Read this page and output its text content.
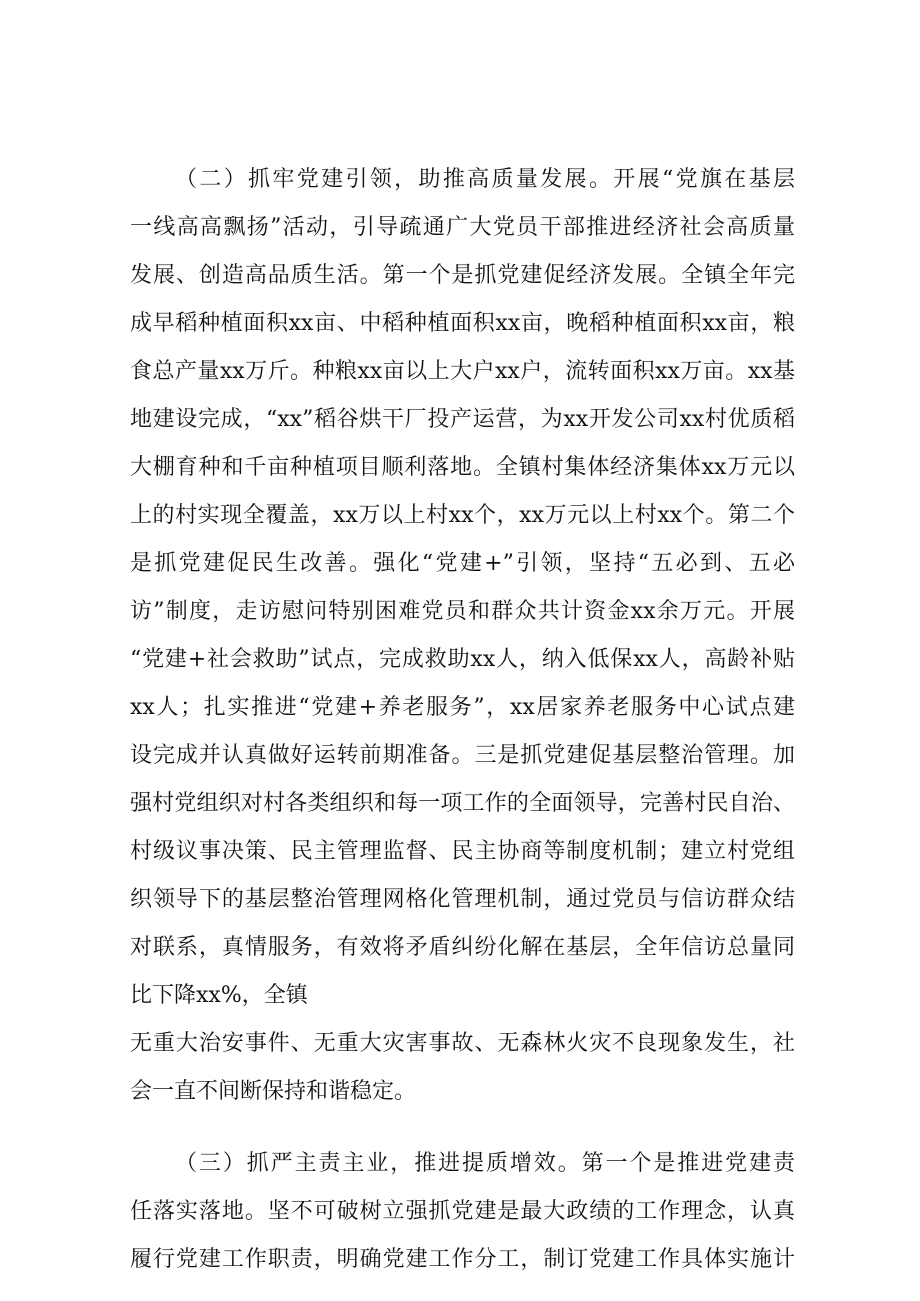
（二）抓牢党建引领，助推高质量发展。开展“党旗在基层
一线高高飘扬”活动，引导疏通广大党员干部推进经济社会高质量
发展、创造高品质生活。第一个是抓党建促经济发展。全镇全年完
成早稻种植面积xx亩、中稻种植面积xx亩，晚稻种植面积xx亩，粮
食总产量xx万斤。种粮xx亩以上大户xx户，流转面积xx万亩。xx基
地建设完成，“xx”稻谷烘干厂投产运营，为xx开发公司xx村优质稻
大棚育种和千亩种植项目顺利落地。全镇村集体经济集体xx万元以
上的村实现全覆盖，xx万以上村xx个，xx万元以上村xx个。第二个
是抓党建促民生改善。强化“党建+”引领，坚持“五必到、五必
访”制度，走访慰问特别困难党员和群众共计资金xx余万元。开展
“党建+社会救助”试点，完成救助xx人，纳入低保xx人，高龄补贴
xx人；扎实推进“党建+养老服务”，xx居家养老服务中心试点建
设完成并认真做好运转前期准备。三是抓党建促基层整治管理。加
强村党组织对村各类组织和每一项工作的全面领导，完善村民自治、
村级议事决策、民主管理监督、民主协商等制度机制；建立村党组
织领导下的基层整治管理网格化管理机制，通过党员与信访群众结
对联系，真情服务，有效将矛盾纠纷化解在基层，全年信访总量同
比下降xx%，全镇
无重大治安事件、无重大灾害事故、无森林火灾不良现象发生，社
会一直不间断保持和谐稳定。
（三）抓严主责主业，推进提质增效。第一个是推进党建责
任落实落地。坚不可破树立强抓党建是最大政绩的工作理念，认真
履行党建工作职责，明确党建工作分工，制订党建工作具体实施计
